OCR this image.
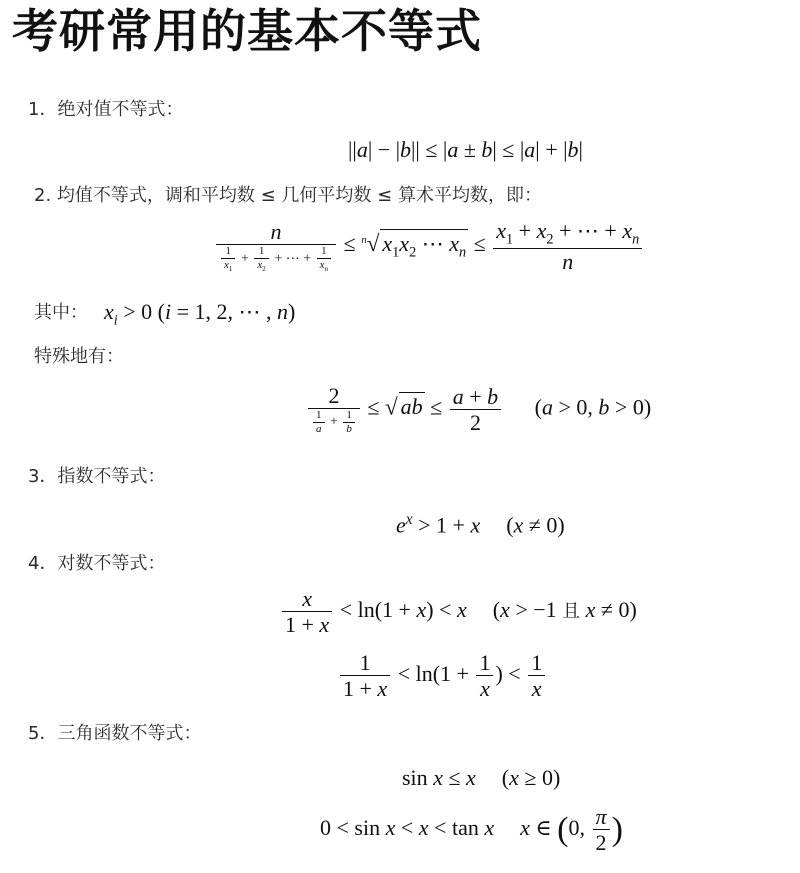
考研常用的基本不等式
1．绝对值不等式：
||a| − |b|| ≤ |a ± b| ≤ |a| + |b|
2. 均值不等式，调和平均数 ≤ 几何平均数 ≤ 算术平均数，即：
$\frac{n}{\frac{1}{x_1} + \frac{1}{x_2} + \cdots + \frac{1}{x_n}} \le ^n√$ $x_1x_2$ ⋯ $x_n \le \frac{x_1 + x_2 + \cdots + x_n}{n}$
其中： $x_i > 0$ (i = 1, 2, ⋯ , n)
特殊地有：
$\frac{2}{\frac{1}{a} + \frac{1}{b}}$ ≤ √ ab ≤ $\frac{a + b}{2} (a > 0$, b > 0)
3．指数不等式：
$e^x > 1 + x$ (x ≠ 0)
4．对数不等式：
$\frac{x}{1 + x} < \ln(1 + x) < x$ (x > −1 且 x ≠ 0)
$\frac{1}{1 + x} < \ln(1 + \frac{1}{x}$ ) < $\frac{1}{x}$
5．三角函数不等式：
sin x ≤ x (x ≥ 0)
0 < sin x < x < tan x x ∈ (0, $\frac{\pi}{2}$ )
